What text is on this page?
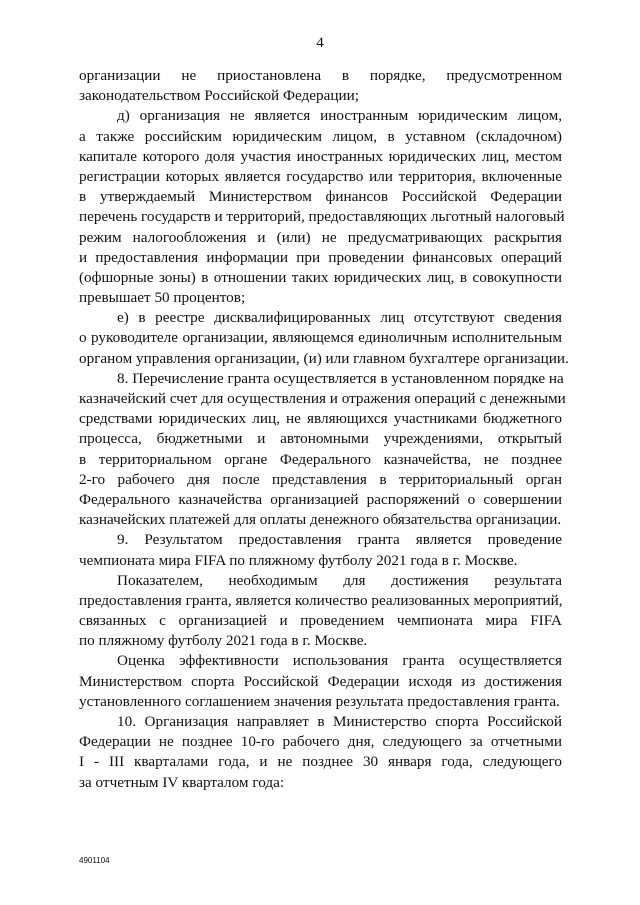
4
организации не приостановлена в порядке, предусмотренном
законодательством Российской Федерации;
д) организация не является иностранным юридическим лицом,
а также российским юридическим лицом, в уставном (складочном)
капитале которого доля участия иностранных юридических лиц, местом
регистрации которых является государство или территория, включенные
в утверждаемый Министерством финансов Российской Федерации
перечень государств и территорий, предоставляющих льготный налоговый
режим налогообложения и (или) не предусматривающих раскрытия
и предоставления информации при проведении финансовых операций
(офшорные зоны) в отношении таких юридических лиц, в совокупности
превышает 50 процентов;
е) в реестре дисквалифицированных лиц отсутствуют сведения
о руководителе организации, являющемся единоличным исполнительным
органом управления организации, (и) или главном бухгалтере организации.
8. Перечисление гранта осуществляется в установленном порядке на
казначейский счет для осуществления и отражения операций с денежными
средствами юридических лиц, не являющихся участниками бюджетного
процесса, бюджетными и автономными учреждениями, открытый
в территориальном органе Федерального казначейства, не позднее
2-го рабочего дня после представления в территориальный орган
Федерального казначейства организацией распоряжений о совершении
казначейских платежей для оплаты денежного обязательства организации.
9. Результатом предоставления гранта является проведение
чемпионата мира FIFA по пляжному футболу 2021 года в г. Москве.
Показателем, необходимым для достижения результата
предоставления гранта, является количество реализованных мероприятий,
связанных с организацией и проведением чемпионата мира FIFA
по пляжному футболу 2021 года в г. Москве.
Оценка эффективности использования гранта осуществляется
Министерством спорта Российской Федерации исходя из достижения
установленного соглашением значения результата предоставления гранта.
10. Организация направляет в Министерство спорта Российской
Федерации не позднее 10-го рабочего дня, следующего за отчетными
I - III кварталами года, и не позднее 30 января года, следующего
за отчетным IV кварталом года:
4901104
